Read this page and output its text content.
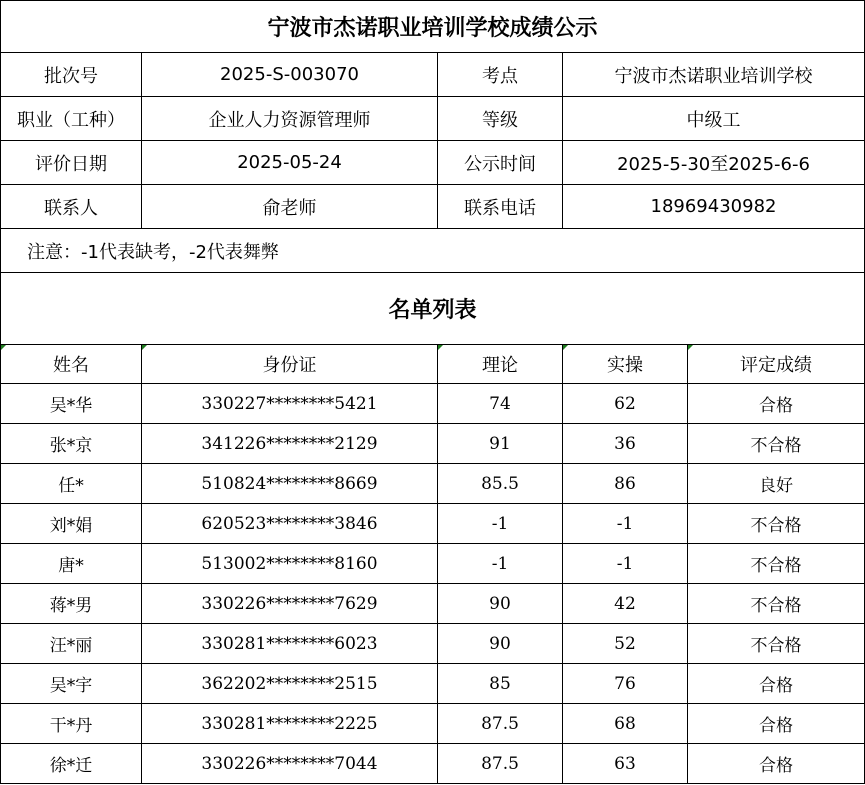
宁波市杰诺职业培训学校成绩公示				
批次号	2025-S-003070	考点	宁波市杰诺职业培训学校	
职业（工种）	企业人力资源管理师	等级	中级工	
评价日期	2025-05-24	公示时间	2025-5-30至2025-6-6	
联系人	俞老师	联系电话	18969430982	
注意：-1代表缺考，-2代表舞弊				
名单列表				
姓名	身份证	理论	实操	评定成绩
吴*华	330227********5421	74	62	合格
张*京	341226********2129	91	36	不合格
任*	510824********8669	85.5	86	良好
刘*娟	620523********3846	-1	-1	不合格
唐*	513002********8160	-1	-1	不合格
蒋*男	330226********7629	90	42	不合格
汪*丽	330281********6023	90	52	不合格
吴*宇	362202********2515	85	76	合格
干*丹	330281********2225	87.5	68	合格
徐*迁	330226********7044	87.5	63	合格
